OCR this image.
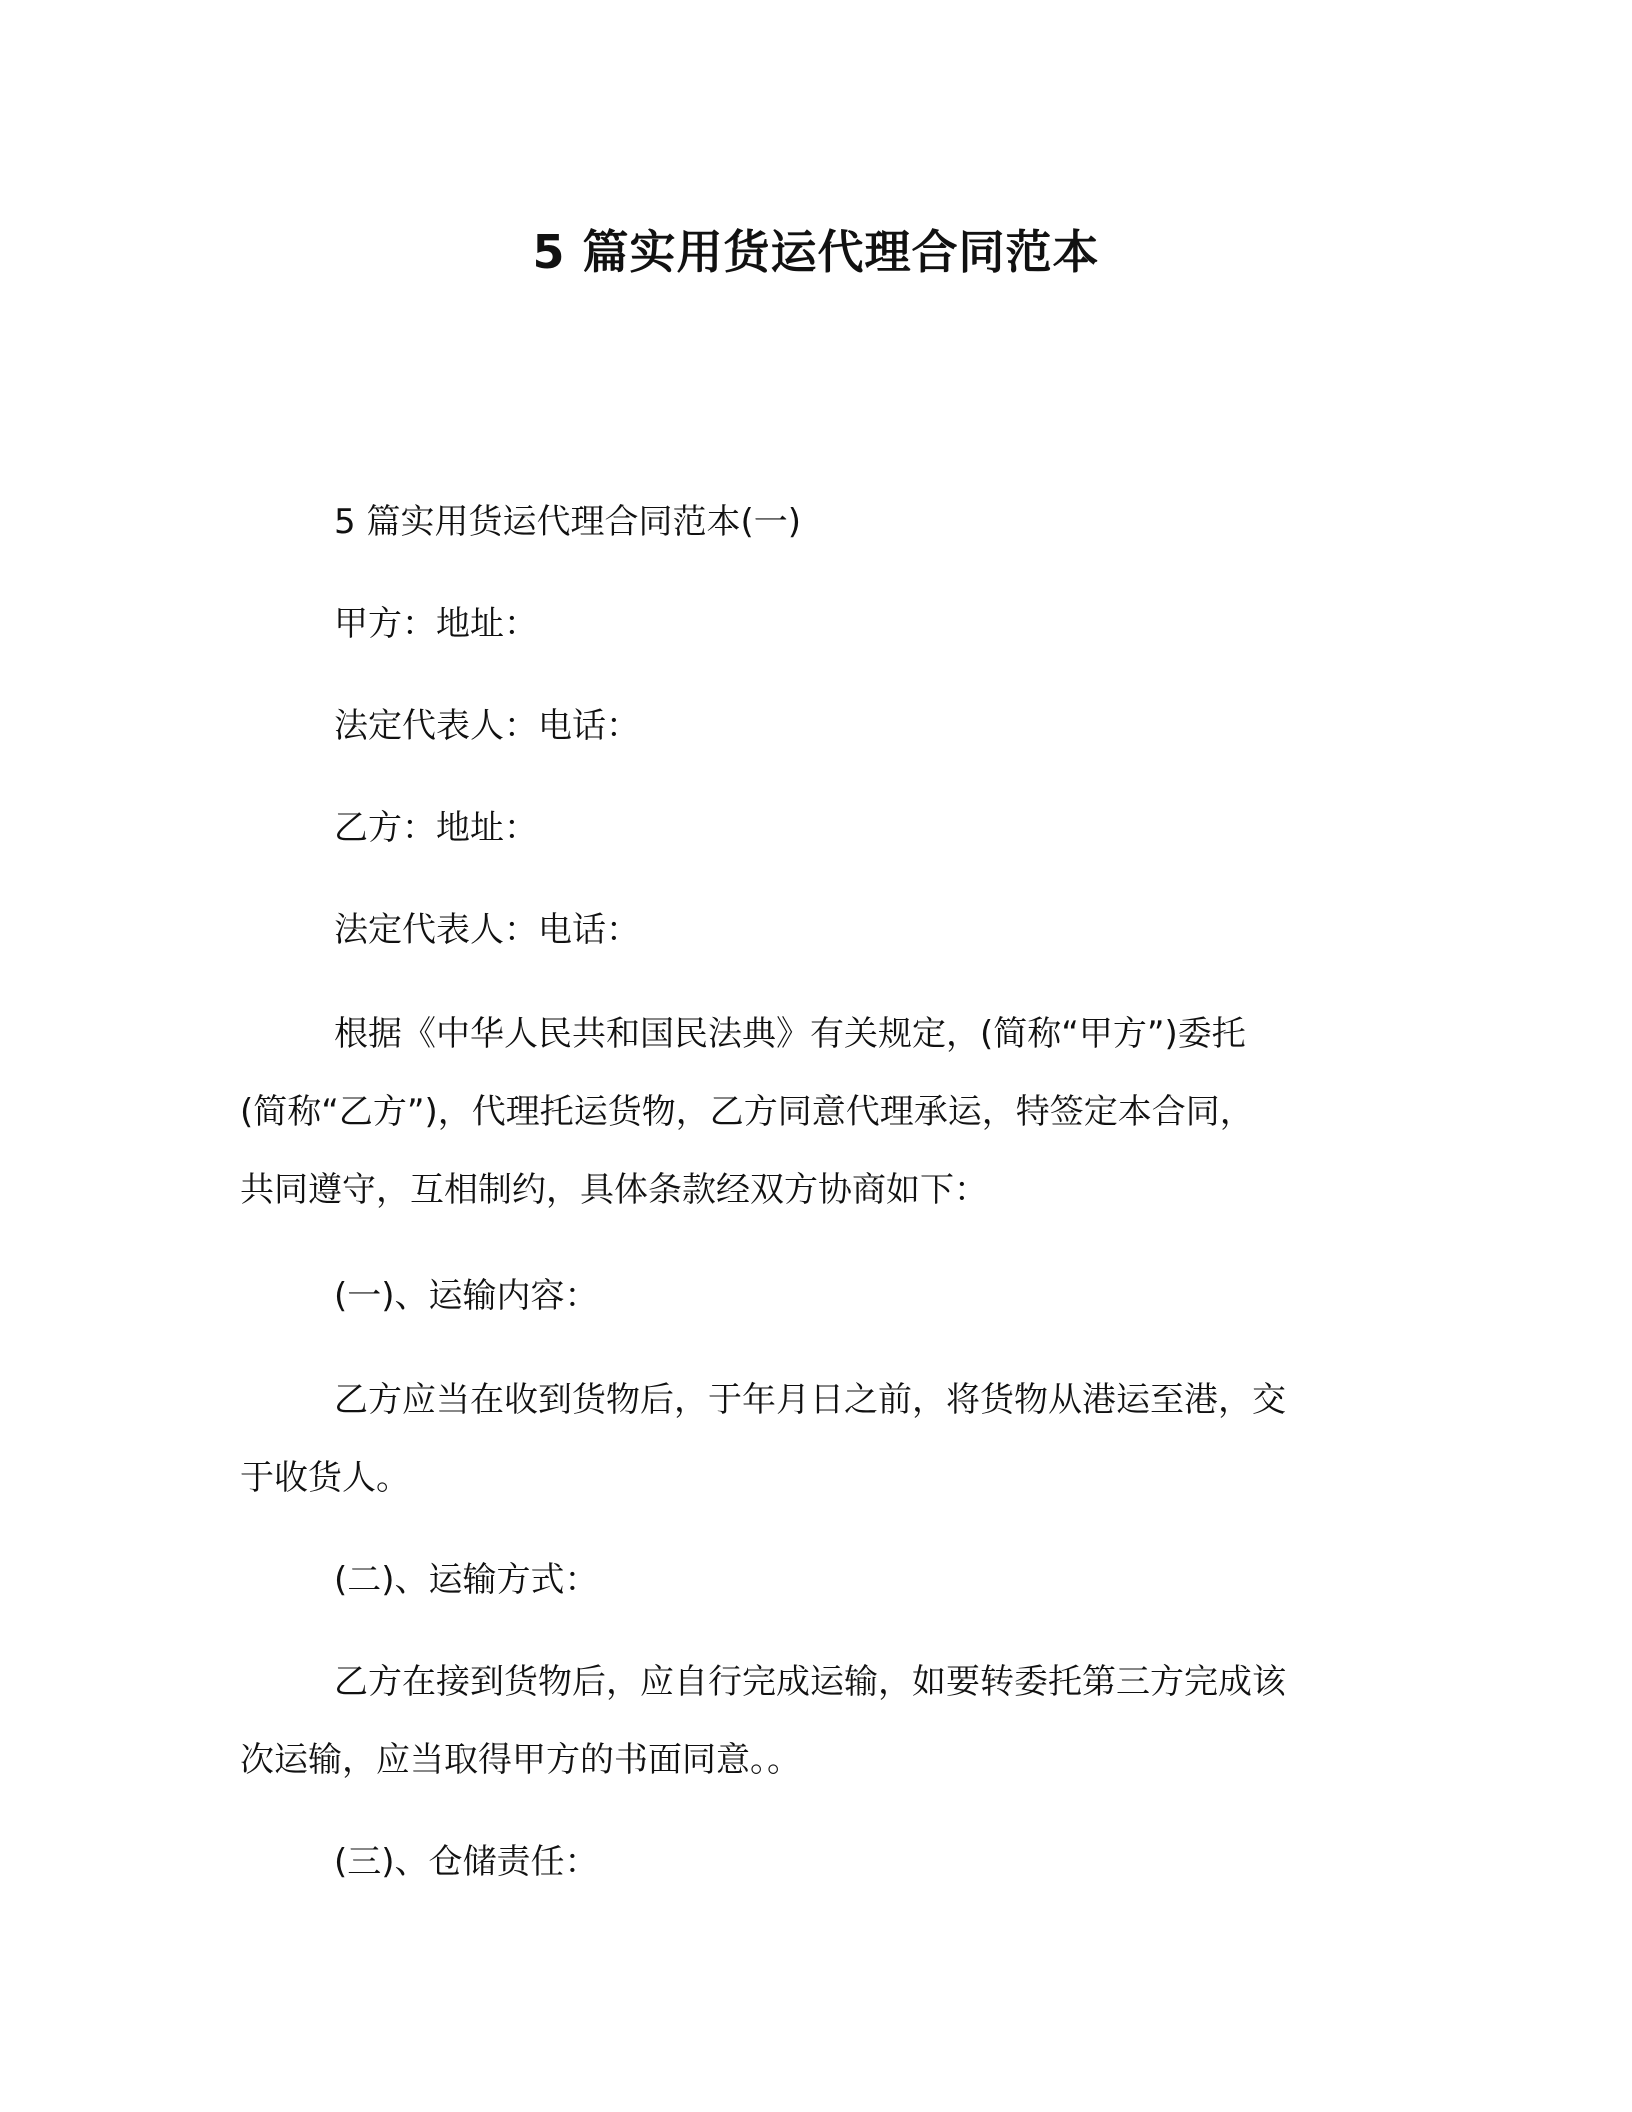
5 篇实用货运代理合同范本
5 篇实用货运代理合同范本(一)
甲方：地址：
法定代表人：电话：
乙方：地址：
法定代表人：电话：
根据《中华人民共和国民法典》有关规定，(简称“甲方”)委托
(简称“乙方”)，代理托运货物，乙方同意代理承运，特签定本合同，
共同遵守，互相制约，具体条款经双方协商如下：
(一)、运输内容：
乙方应当在收到货物后，于年月日之前，将货物从港运至港，交
于收货人。
(二)、运输方式：
乙方在接到货物后，应自行完成运输，如要转委托第三方完成该
次运输，应当取得甲方的书面同意。。
(三)、仓储责任：
